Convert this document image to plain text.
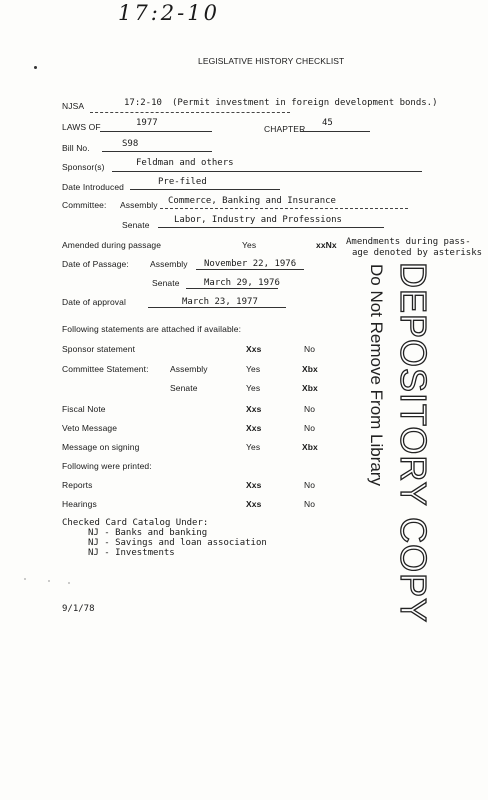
17:2-10
LEGISLATIVE HISTORY CHECKLIST
NJSA	17:2-10 (Permit investment in foreign development bonds.)
LAWS OF	1977
CHAPTER
45
Bill No.	S98
Sponsor(s)	Feldman and others
Date Introduced	Pre-filed
Committee: Assembly Commerce, Banking and Insurance
Senate	Labor, Industry and Professions
Amended during passage	Yes	xxNx Amendments during pass-
age denoted by asterisks
Date of Passage: Assembly November 22, 1976
Senate	March 29, 1976
Date of approval	March 23, 1977
Following statements are attached if available:
Sponsor statement	Xxs	No
Committee Statement:	Assembly	Yes	Xbx
Senate	Yes	Xbx
Fiscal Note	Xxs	No
Veto Message	Xxs	No
Message on signing	Yes	Xbx
Following were printed:
Reports	Xxs	No
Hearings	Xxs	No
Checked Card Catalog Under:
NJ - Banks and banking
NJ - Savings and loan association
NJ - Investments
9/1/78	DEPOSITORY COPY
Do Not Remove From Library
